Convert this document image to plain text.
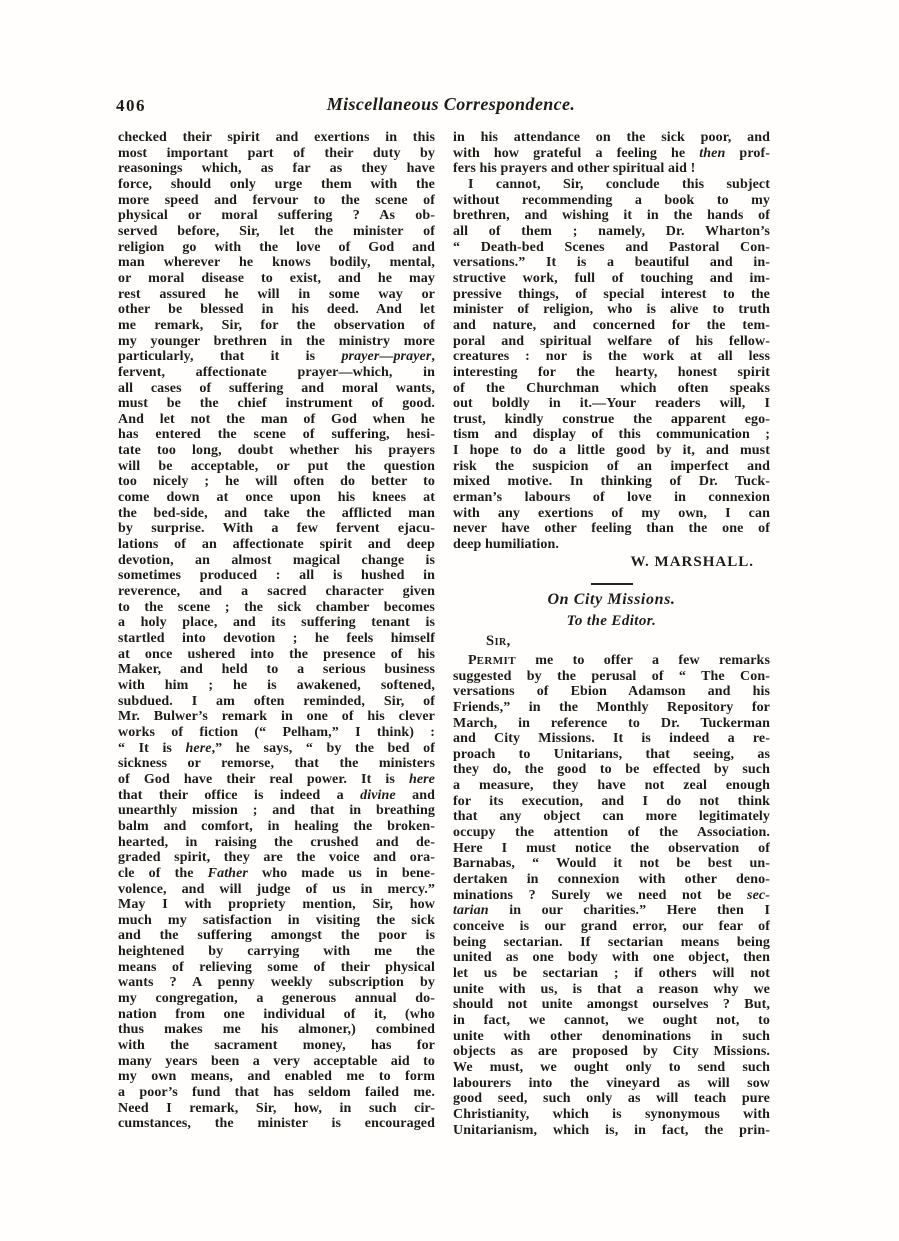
406	Miscellaneous Correspondence.
checked their spirit and exertions in this
most important part of their duty by
reasonings which, as far as they have
force, should only urge them with the
more speed and fervour to the scene of
physical or moral suffering ? As ob-
served before, Sir, let the minister of
religion go with the love of God and
man wherever he knows bodily, mental,
or moral disease to exist, and he may
rest assured he will in some way or
other be blessed in his deed. And let
me remark, Sir, for the observation of
my younger brethren in the ministry more
particularly, that it is prayer—prayer,
fervent, affectionate prayer—which, in
all cases of suffering and moral wants,
must be the chief instrument of good.
And let not the man of God when he
has entered the scene of suffering, hesi-
tate too long, doubt whether his prayers
will be acceptable, or put the question
too nicely ; he will often do better to
come down at once upon his knees at
the bed-side, and take the afflicted man
by surprise. With a few fervent ejacu-
lations of an affectionate spirit and deep
devotion, an almost magical change is
sometimes produced : all is hushed in
reverence, and a sacred character given
to the scene ; the sick chamber becomes
a holy place, and its suffering tenant is
startled into devotion ; he feels himself
at once ushered into the presence of his
Maker, and held to a serious business
with him ; he is awakened, softened,
subdued. I am often reminded, Sir, of
Mr. Bulwer’s remark in one of his clever
works of fiction (“ Pelham,” I think) :
“ It is here,” he says, “ by the bed of
sickness or remorse, that the ministers
of God have their real power. It is here
that their office is indeed a divine and
unearthly mission ; and that in breathing
balm and comfort, in healing the broken-
hearted, in raising the crushed and de-
graded spirit, they are the voice and ora-
cle of the Father who made us in bene-
volence, and will judge of us in mercy.”
May I with propriety mention, Sir, how
much my satisfaction in visiting the sick
and the suffering amongst the poor is
heightened by carrying with me the
means of relieving some of their physical
wants ? A penny weekly subscription by
my congregation, a generous annual do-
nation from one individual of it, (who
thus makes me his almoner,) combined
with the sacrament money, has for
many years been a very acceptable aid to
my own means, and enabled me to form
a poor’s fund that has seldom failed me.
Need I remark, Sir, how, in such cir-
cumstances, the minister is encouraged
in his attendance on the sick poor, and
with how grateful a feeling he then prof-
fers his prayers and other spiritual aid !
I cannot, Sir, conclude this subject
without recommending a book to my
brethren, and wishing it in the hands of
all of them ; namely, Dr. Wharton’s
“ Death-bed Scenes and Pastoral Con-
versations.” It is a beautiful and in-
structive work, full of touching and im-
pressive things, of special interest to the
minister of religion, who is alive to truth
and nature, and concerned for the tem-
poral and spiritual welfare of his fellow-
creatures : nor is the work at all less
interesting for the hearty, honest spirit
of the Churchman which often speaks
out boldly in it.—Your readers will, I
trust, kindly construe the apparent ego-
tism and display of this communication ;
I hope to do a little good by it, and must
risk the suspicion of an imperfect and
mixed motive. In thinking of Dr. Tuck-
erman’s labours of love in connexion
with any exertions of my own, I can
never have other feeling than the one of
deep humiliation.
W. MARSHALL.
On City Missions.
To the Editor.
Sir,
PERMIT me to offer a few remarks
suggested by the perusal of “ The Con-
versations of Ebion Adamson and his
Friends,” in the Monthly Repository for
March, in reference to Dr. Tuckerman
and City Missions. It is indeed a re-
proach to Unitarians, that seeing, as
they do, the good to be effected by such
a measure, they have not zeal enough
for its execution, and I do not think
that any object can more legitimately
occupy the attention of the Association.
Here I must notice the observation of
Barnabas, “ Would it not be best un-
dertaken in connexion with other deno-
minations ? Surely we need not be sec-
tarian in our charities.” Here then I
conceive is our grand error, our fear of
being sectarian. If sectarian means being
united as one body with one object, then
let us be sectarian ; if others will not
unite with us, is that a reason why we
should not unite amongst ourselves ? But,
in fact, we cannot, we ought not, to
unite with other denominations in such
objects as are proposed by City Missions.
We must, we ought only to send such
labourers into the vineyard as will sow
good seed, such only as will teach pure
Christianity, which is synonymous with
Unitarianism, which is, in fact, the prin-
